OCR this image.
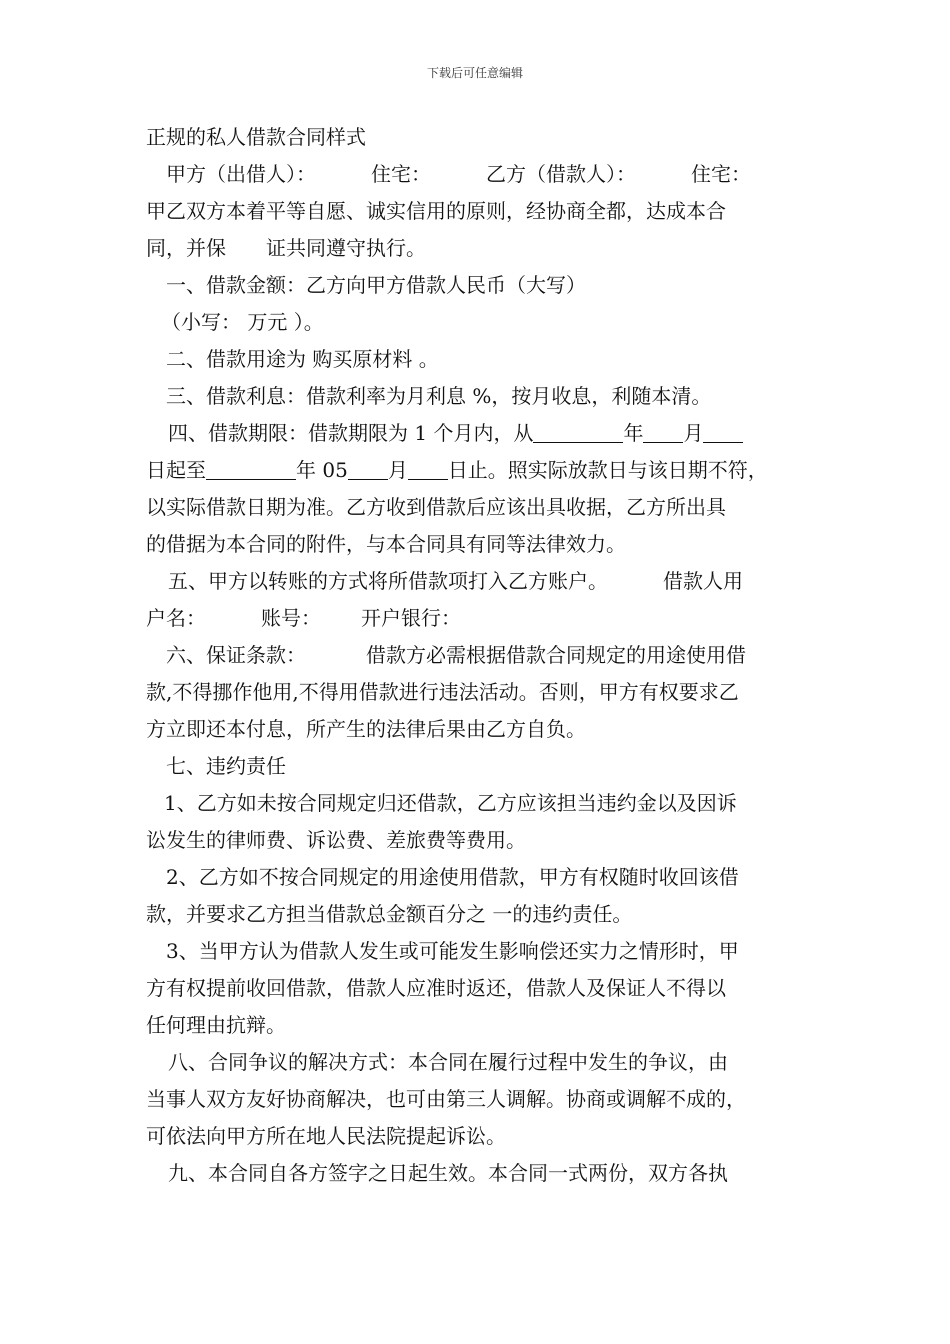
下载后可任意编辑
正规的私人借款合同样式
甲方（出借人）：	住宅：	乙方（借款人）：	住宅：
甲乙双方本着平等自愿、诚实信用的原则，经协商全都，达成本合
同，并保 证共同遵守执行。
一、借款金额：乙方向甲方借款人民币（大写）
（小写： 万元 ）。
二、借款用途为 购买原材料 。
三、借款利息：借款利率为月利息 %，按月收息，利随本清。
四、借款期限：借款期限为 1 个月内，从	年 月
日起至	年 05 月 日止。照实际放款日与该日期不符，
以实际借款日期为准。乙方收到借款后应该出具收据，乙方所出具
的借据为本合同的附件，与本合同具有同等法律效力。
五、甲方以转账的方式将所借款项打入乙方账户。	借款人用
户名：	账号： 开户银行：
六、保证条款：	借款方必需根据借款合同规定的用途使用借
款,不得挪作他用,不得用借款进行违法活动。否则，甲方有权要求乙
方立即还本付息，所产生的法律后果由乙方自负。
七、违约责任
1、乙方如未按合同规定归还借款，乙方应该担当违约金以及因诉
讼发生的律师费、诉讼费、差旅费等费用。
2、乙方如不按合同规定的用途使用借款，甲方有权随时收回该借
款，并要求乙方担当借款总金额百分之 一的违约责任。
3、当甲方认为借款人发生或可能发生影响偿还实力之情形时，甲
方有权提前收回借款，借款人应准时返还，借款人及保证人不得以
任何理由抗辩。
八、合同争议的解决方式：本合同在履行过程中发生的争议，由
当事人双方友好协商解决，也可由第三人调解。协商或调解不成的，
可依法向甲方所在地人民法院提起诉讼。
九、本合同自各方签字之日起生效。本合同一式两份，双方各执
